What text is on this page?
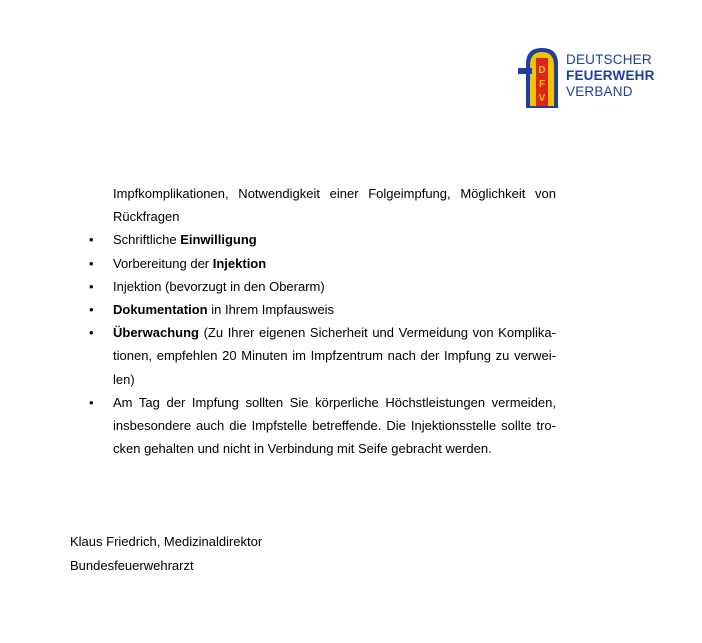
D
F
V
DEUTSCHER
FEUERWEHR
VERBAND
Impfkomplikationen, Notwendigkeit einer Folgeimpfung, Möglichkeit von Rückfragen
• Schriftliche Einwilligung
• Vorbereitung der Injektion
• Injektion (bevorzugt in den Oberarm)
• Dokumentation in Ihrem Impfausweis
• Überwachung (Zu Ihrer eigenen Sicherheit und Vermeidung von Komplikationen, empfehlen 20 Minuten im Impfzentrum nach der Impfung zu verweilen)
• Am Tag der Impfung sollten Sie körperliche Höchstleistungen vermeiden, insbesondere auch die Impfstelle betreffende. Die Injektionsstelle sollte trocken gehalten und nicht in Verbindung mit Seife gebracht werden.
Klaus Friedrich, Medizinaldirektor
Bundesfeuerwehrarzt
